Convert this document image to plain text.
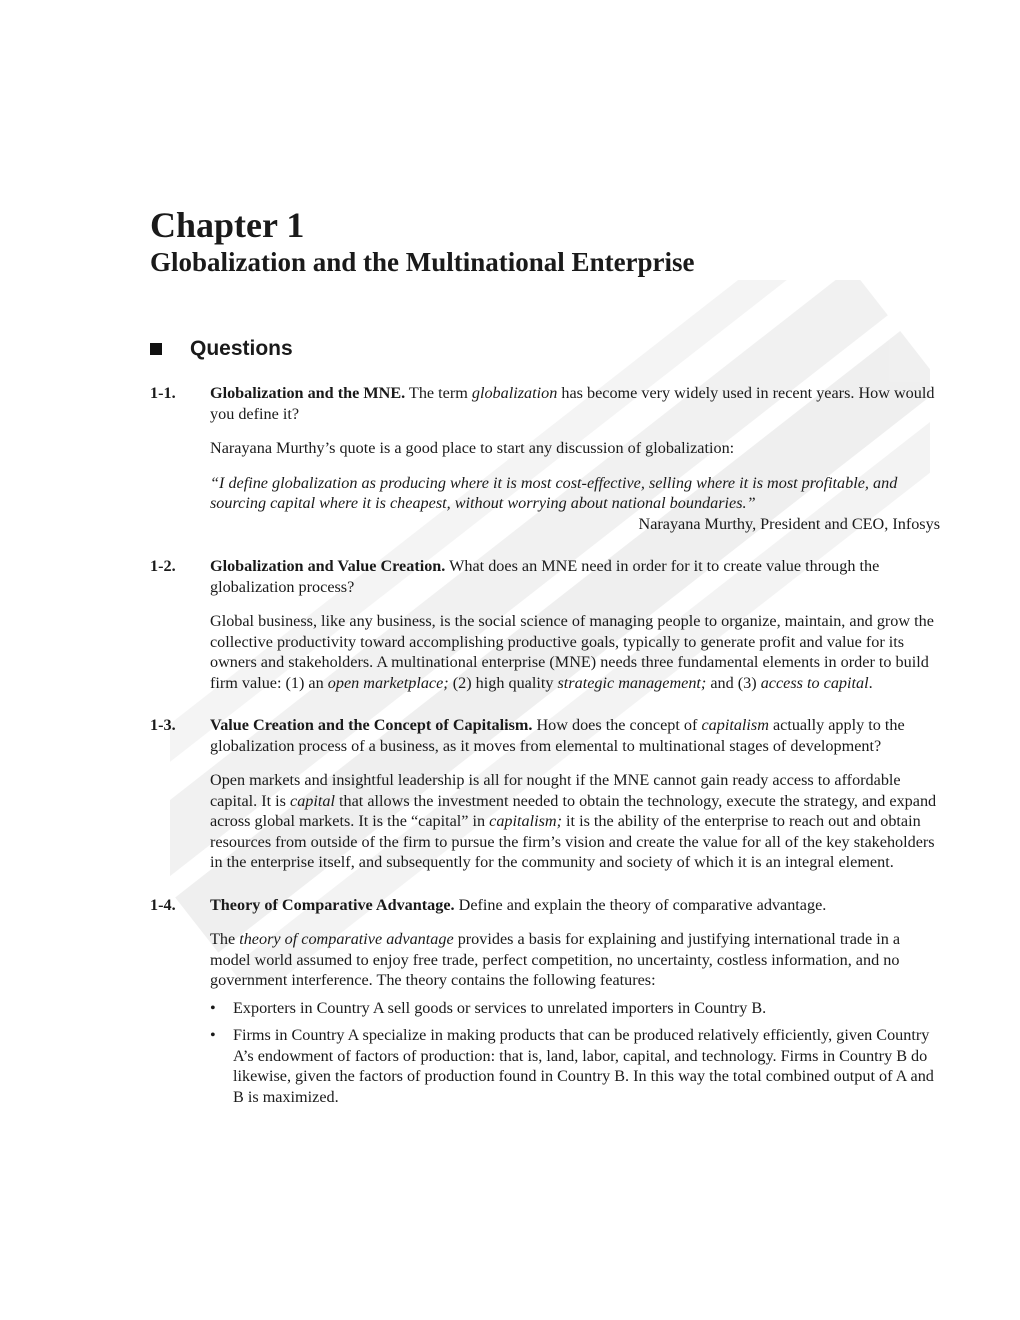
Chapter 1
Globalization and the Multinational Enterprise
Questions
1-1. Globalization and the MNE. The term globalization has become very widely used in recent years. How would you define it?
Narayana Murthy’s quote is a good place to start any discussion of globalization:
“I define globalization as producing where it is most cost-effective, selling where it is most profitable, and sourcing capital where it is cheapest, without worrying about national boundaries.”
Narayana Murthy, President and CEO, Infosys
1-2. Globalization and Value Creation. What does an MNE need in order for it to create value through the globalization process?
Global business, like any business, is the social science of managing people to organize, maintain, and grow the collective productivity toward accomplishing productive goals, typically to generate profit and value for its owners and stakeholders. A multinational enterprise (MNE) needs three fundamental elements in order to build firm value: (1) an open marketplace; (2) high quality strategic management; and (3) access to capital.
1-3. Value Creation and the Concept of Capitalism. How does the concept of capitalism actually apply to the globalization process of a business, as it moves from elemental to multinational stages of development?
Open markets and insightful leadership is all for nought if the MNE cannot gain ready access to affordable capital. It is capital that allows the investment needed to obtain the technology, execute the strategy, and expand across global markets. It is the “capital” in capitalism; it is the ability of the enterprise to reach out and obtain resources from outside of the firm to pursue the firm’s vision and create the value for all of the key stakeholders in the enterprise itself, and subsequently for the community and society of which it is an integral element.
1-4. Theory of Comparative Advantage. Define and explain the theory of comparative advantage.
The theory of comparative advantage provides a basis for explaining and justifying international trade in a model world assumed to enjoy free trade, perfect competition, no uncertainty, costless information, and no government interference. The theory contains the following features:
• Exporters in Country A sell goods or services to unrelated importers in Country B.
• Firms in Country A specialize in making products that can be produced relatively efficiently, given Country A’s endowment of factors of production: that is, land, labor, capital, and technology. Firms in Country B do likewise, given the factors of production found in Country B. In this way the total combined output of A and B is maximized.
